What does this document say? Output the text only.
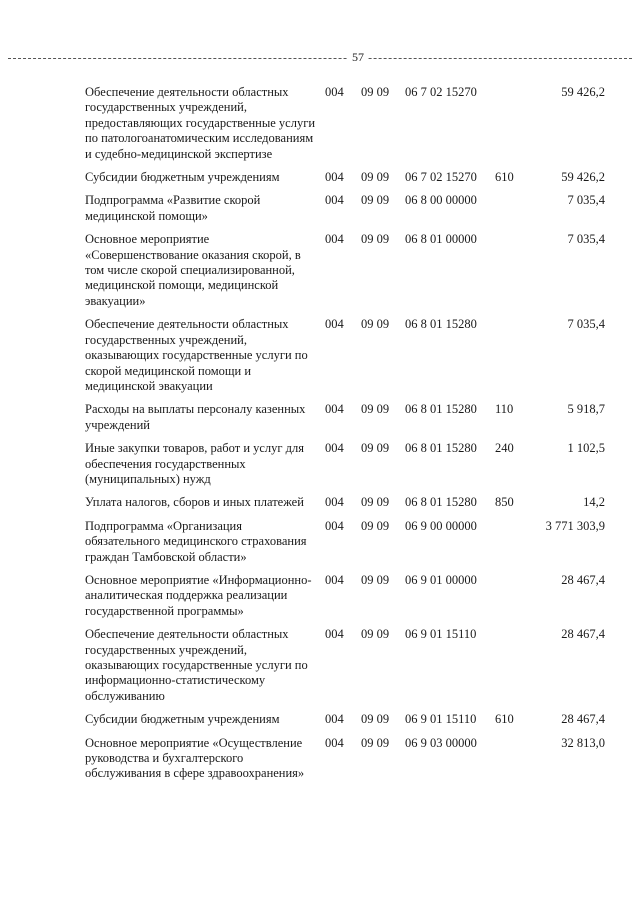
57
Обеспечение деятельности областных государственных учреждений, предоставляющих государственные услуги по патологоанатомическим исследованиям и судебно-медицинской экспертизе	004	09 09	06 7 02 15270		59 426,2
Субсидии бюджетным учреждениям	004	09 09	06 7 02 15270	610	59 426,2
Подпрограмма «Развитие скорой медицинской помощи»	004	09 09	06 8 00 00000		7 035,4
Основное мероприятие «Совершенствование оказания скорой, в том числе скорой специализированной, медицинской помощи, медицинской эвакуации»	004	09 09	06 8 01 00000		7 035,4
Обеспечение деятельности областных государственных учреждений, оказывающих государственные услуги по скорой медицинской помощи и медицинской эвакуации	004	09 09	06 8 01 15280		7 035,4
Расходы на выплаты персоналу казенных учреждений	004	09 09	06 8 01 15280	110	5 918,7
Иные закупки товаров, работ и услуг для обеспечения государственных (муниципальных) нужд	004	09 09	06 8 01 15280	240	1 102,5
Уплата налогов, сборов и иных платежей	004	09 09	06 8 01 15280	850	14,2
Подпрограмма «Организация обязательного медицинского страхования граждан Тамбовской области»	004	09 09	06 9 00 00000		3 771 303,9
Основное мероприятие «Информационно-аналитическая поддержка реализации государственной программы»	004	09 09	06 9 01 00000		28 467,4
Обеспечение деятельности областных государственных учреждений, оказывающих государственные услуги по информационно-статистическому обслуживанию	004	09 09	06 9 01 15110		28 467,4
Субсидии бюджетным учреждениям	004	09 09	06 9 01 15110	610	28 467,4
Основное мероприятие «Осуществление руководства и бухгалтерского обслуживания в сфере здравоохранения»	004	09 09	06 9 03 00000		32 813,0
